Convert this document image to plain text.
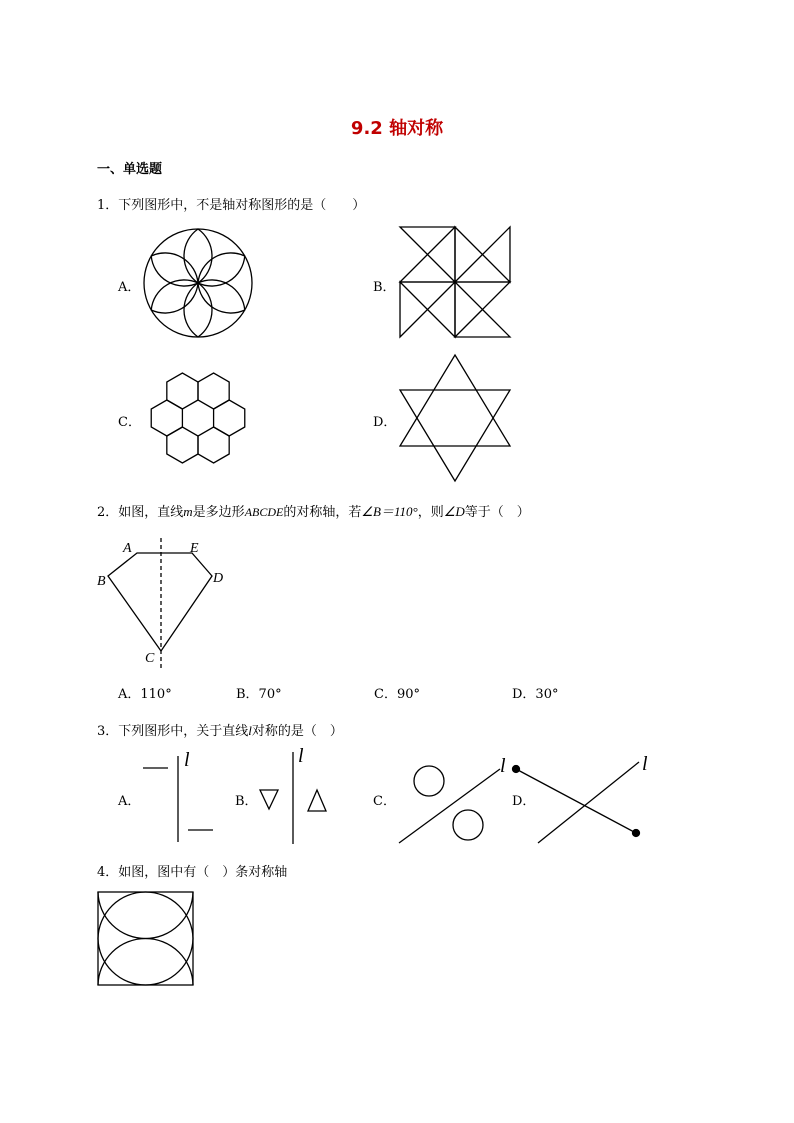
9.2 轴对称
一、单选题
1．下列图形中，不是轴对称图形的是（　　）
A．	B．
C．	D．
2．如图，直线m是多边形ABCDE的对称轴，若∠B＝110°，则∠D等于（　）
A	E
B	D
C
A．110°	B．70°	C．90°	D．30°
3．下列图形中，关于直线l对称的是（　）
A．
l
B．
l
C．
l
D．
l
4．如图，图中有（　）条对称轴
